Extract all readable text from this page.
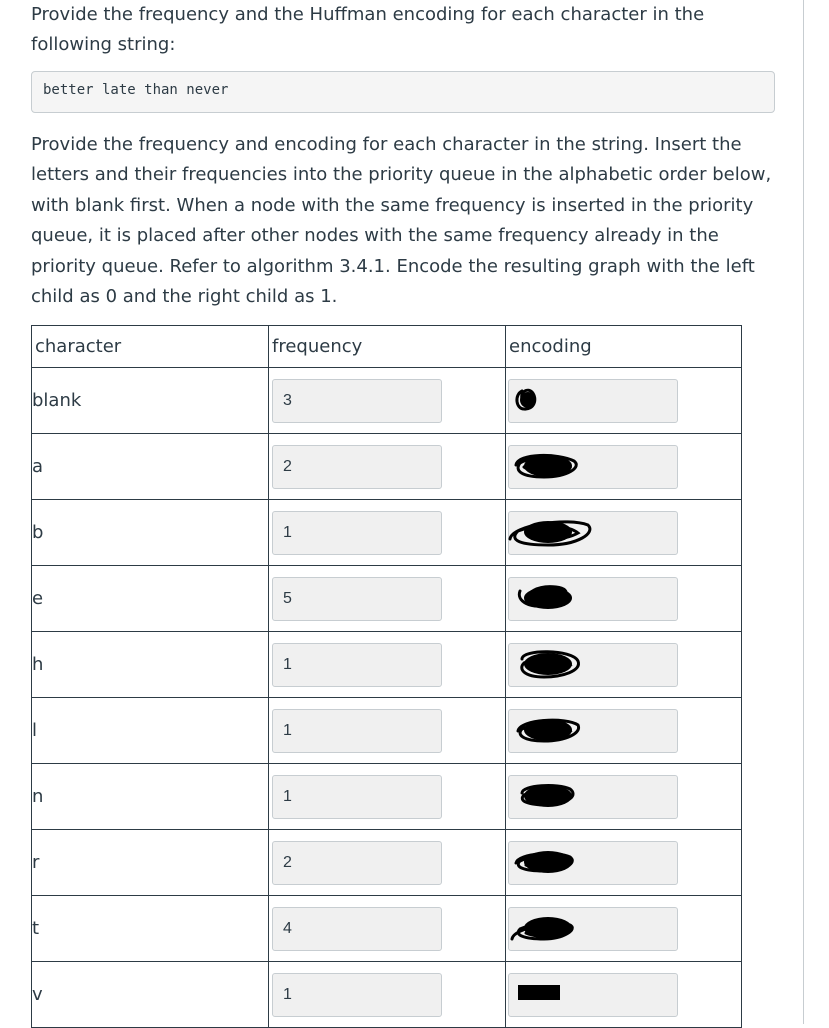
Provide the frequency and the Huffman encoding for each character in the following string:

better late than never

Provide the frequency and encoding for each character in the string. Insert the letters and their frequencies into the priority queue in the alphabetic order below, with blank first. When a node with the same frequency is inserted in the priority queue, it is placed after other nodes with the same frequency already in the priority queue. Refer to algorithm 3.4.1. Encode the resulting graph with the left child as 0 and the right child as 1.

character	frequency	encoding
blank	3

a	2

b	1

e	5

h	1

l	1

n	1

r	2

t	4

v	1
